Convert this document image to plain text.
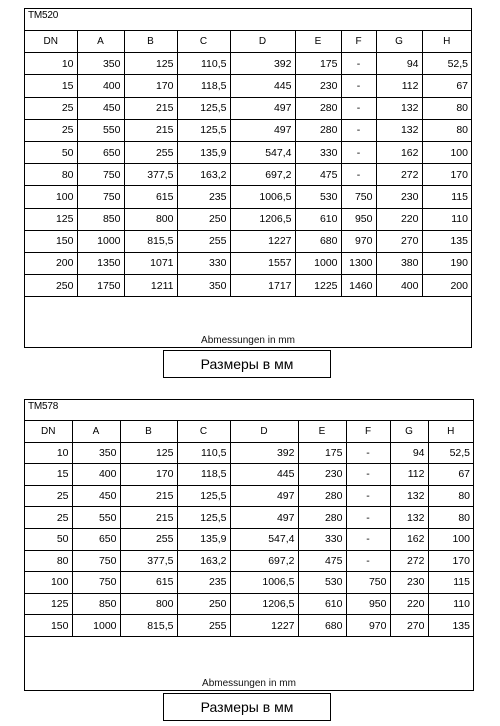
TM520
DN	A	B	C	D	E	F	G	H
10	350	125	110,5	392	175	-	94	52,5
15	400	170	118,5	445	230	-	112	67
25	450	215	125,5	497	280	-	132	80
25	550	215	125,5	497	280	-	132	80
50	650	255	135,9	547,4	330	-	162	100
80	750	377,5	163,2	697,2	475	-	272	170
100	750	615	235	1006,5	530	750	230	115
125	850	800	250	1206,5	610	950	220	110
150	1000	815,5	255	1227	680	970	270	135
200	1350	1071	330	1557	1000	1300	380	190
250	1750	1211	350	1717	1225	1460	400	200
Abmessungen in mm
Размеры в мм
TM578
DN	A	B	C	D	E	F	G	H
10	350	125	110,5	392	175	-	94	52,5
15	400	170	118,5	445	230	-	112	67
25	450	215	125,5	497	280	-	132	80
25	550	215	125,5	497	280	-	132	80
50	650	255	135,9	547,4	330	-	162	100
80	750	377,5	163,2	697,2	475	-	272	170
100	750	615	235	1006,5	530	750	230	115
125	850	800	250	1206,5	610	950	220	110
150	1000	815,5	255	1227	680	970	270	135
Abmessungen in mm
Размеры в мм
